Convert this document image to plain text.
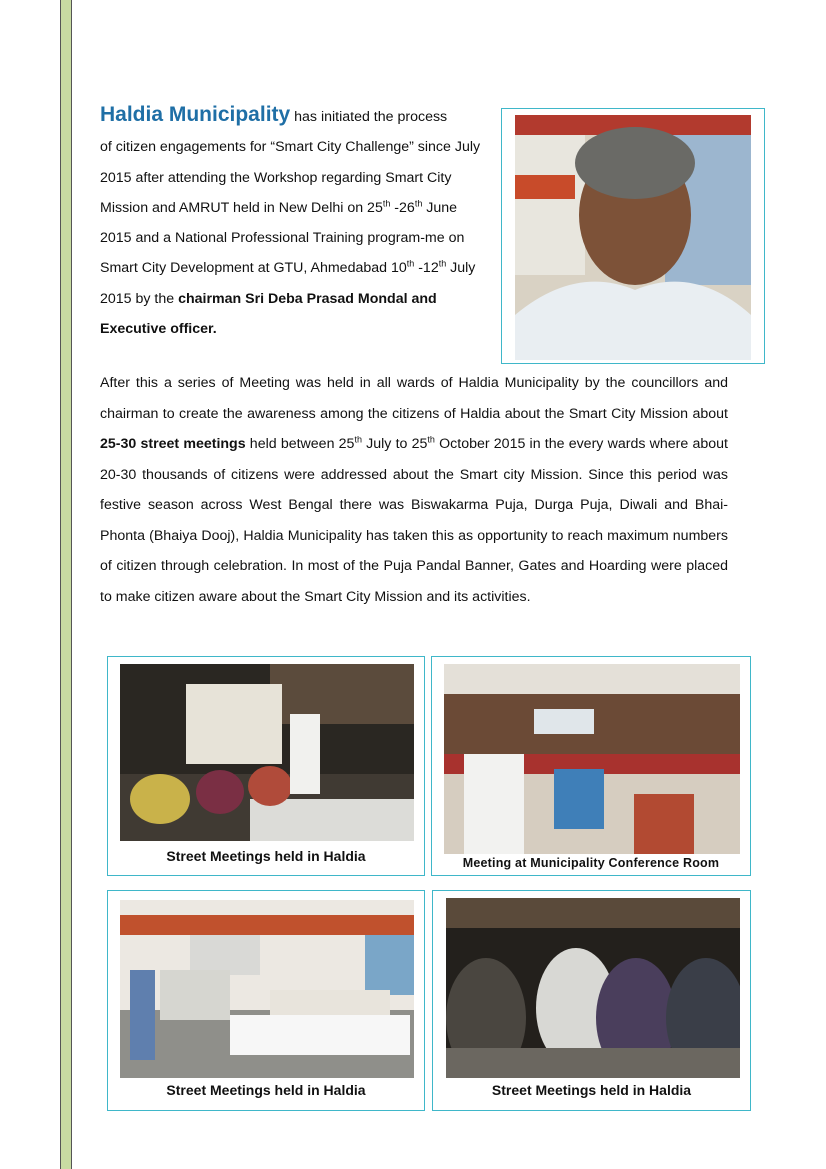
Haldia Municipality has initiated the process
of citizen engagements for “Smart City Challenge” since July 2015 after attending the Workshop regarding Smart City Mission and AMRUT held in New Delhi on 25th -26th June 2015 and a National Professional Training program-me on Smart City Development at GTU, Ahmedabad 10th -12th July 2015 by the chairman Sri Deba Prasad Mondal and Executive officer.
After this a series of Meeting was held in all wards of Haldia Municipality by the councillors and chairman to create the awareness among the citizens of Haldia about the Smart City Mission about 25-30 street meetings held between 25th July to 25th October 2015 in the every wards where about 20-30 thousands of citizens were addressed about the Smart city Mission. Since this period was festive season across West Bengal there was Biswakarma Puja, Durga Puja, Diwali and Bhai-Phonta (Bhaiya Dooj), Haldia Municipality has taken this as opportunity to reach maximum numbers of citizen through celebration. In most of the Puja Pandal Banner, Gates and Hoarding were placed to make citizen aware about the Smart City Mission and its activities.
Street Meetings held in Haldia	Meeting at Municipality Conference Room
Street Meetings held in Haldia	Street Meetings held in Haldia
